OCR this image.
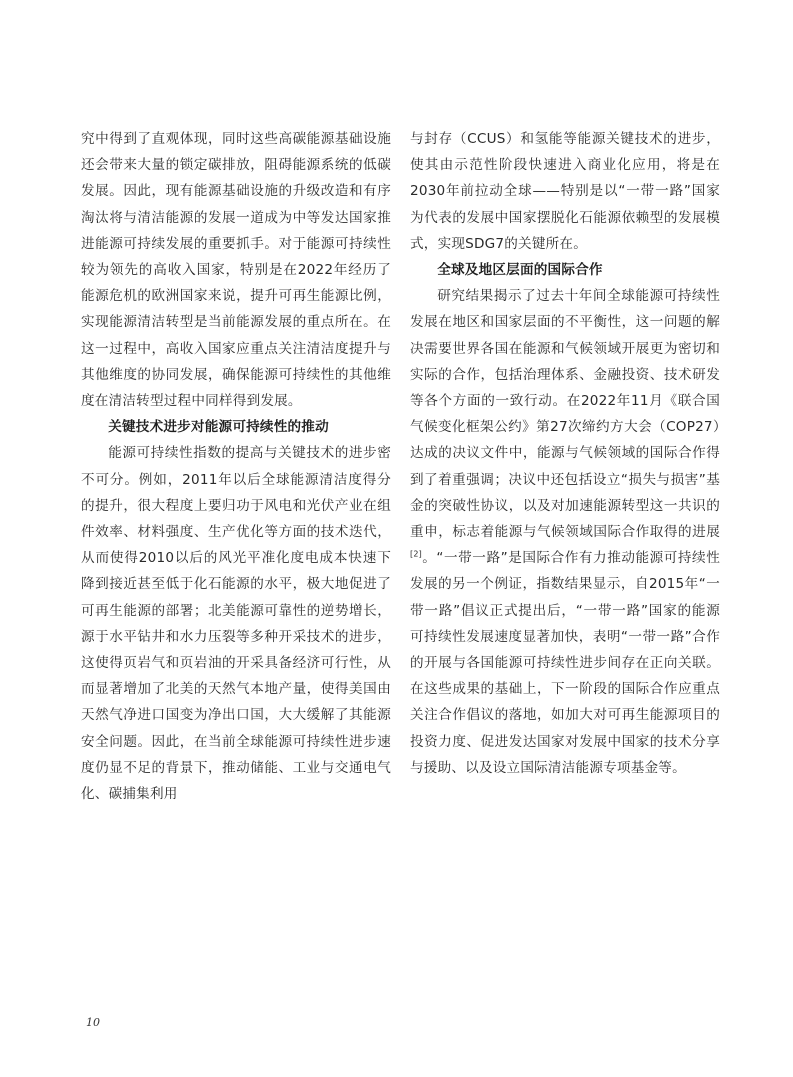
究中得到了直观体现，同时这些高碳能源基础设施还会带来大量的锁定碳排放，阻碍能源系统的低碳发展。因此，现有能源基础设施的升级改造和有序淘汰将与清洁能源的发展一道成为中等发达国家推进能源可持续发展的重要抓手。对于能源可持续性较为领先的高收入国家，特别是在2022年经历了能源危机的欧洲国家来说，提升可再生能源比例，实现能源清洁转型是当前能源发展的重点所在。在这一过程中，高收入国家应重点关注清洁度提升与其他维度的协同发展，确保能源可持续性的其他维度在清洁转型过程中同样得到发展。

关键技术进步对能源可持续性的推动

能源可持续性指数的提高与关键技术的进步密不可分。例如，2011年以后全球能源清洁度得分的提升，很大程度上要归功于风电和光伏产业在组件效率、材料强度、生产优化等方面的技术迭代，从而使得2010以后的风光平准化度电成本快速下降到接近甚至低于化石能源的水平，极大地促进了可再生能源的部署；北美能源可靠性的逆势增长，源于水平钻井和水力压裂等多种开采技术的进步，这使得页岩气和页岩油的开采具备经济可行性，从而显著增加了北美的天然气本地产量，使得美国由天然气净进口国变为净出口国，大大缓解了其能源安全问题。因此，在当前全球能源可持续性进步速度仍显不足的背景下，推动储能、工业与交通电气化、碳捕集利用

与封存（CCUS）和氢能等能源关键技术的进步，使其由示范性阶段快速进入商业化应用，将是在2030年前拉动全球——特别是以“一带一路”国家为代表的发展中国家摆脱化石能源依赖型的发展模式，实现SDG7的关键所在。

全球及地区层面的国际合作

研究结果揭示了过去十年间全球能源可持续性发展在地区和国家层面的不平衡性，这一问题的解决需要世界各国在能源和气候领域开展更为密切和实际的合作，包括治理体系、金融投资、技术研发等各个方面的一致行动。在2022年11月《联合国气候变化框架公约》第27次缔约方大会（COP27）达成的决议文件中，能源与气候领域的国际合作得到了着重强调；决议中还包括设立“损失与损害”基金的突破性协议，以及对加速能源转型这一共识的重申，标志着能源与气候领域国际合作取得的进展[2]。“一带一路”是国际合作有力推动能源可持续性发展的另一个例证，指数结果显示，自2015年“一带一路”倡议正式提出后，“一带一路”国家的能源可持续性发展速度显著加快，表明“一带一路”合作的开展与各国能源可持续性进步间存在正向关联。在这些成果的基础上，下一阶段的国际合作应重点关注合作倡议的落地，如加大对可再生能源项目的投资力度、促进发达国家对发展中国家的技术分享与援助、以及设立国际清洁能源专项基金等。

10
